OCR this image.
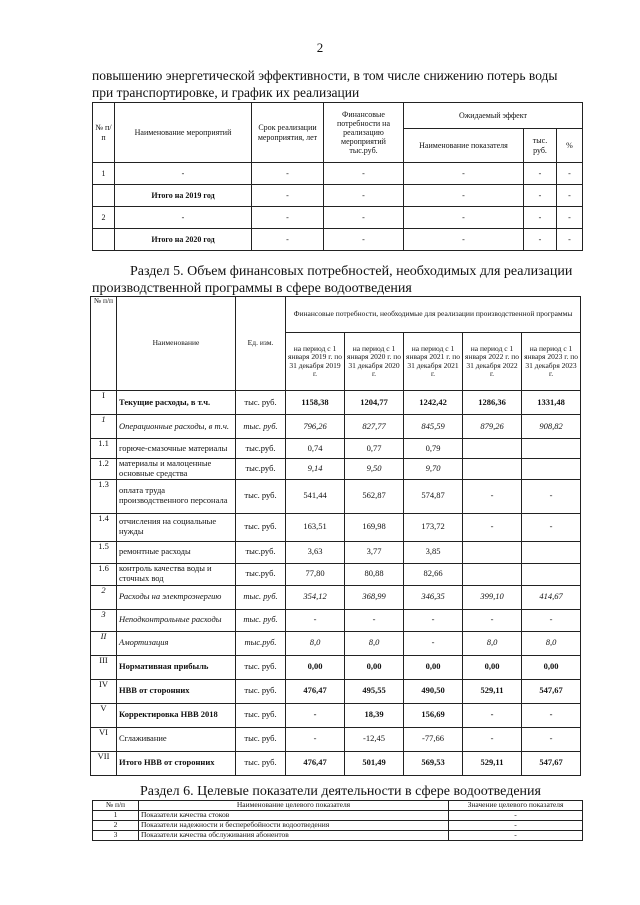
2
повышению энергетической эффективности, в том числе снижению потерь воды
при транспортировке, и график их реализации
№ п/п	Наименование мероприятий	Срок реализации мероприятия, лет	Финансовые потребности на реализацию мероприятий тыс.руб.	Ожидаемый эффект		
				Наименование показателя	тыс. руб.	%
1	-	-	-	-	-	-
	Итого на 2019 год	-	-	-	-	-
2	-	-	-	-	-	-
	Итого на 2020 год	-	-	-	-	-
Раздел 5. Объем финансовых потребностей, необходимых для реализации
производственной программы в сфере водоотведения
№ п/п	Наименование	Ед. изм.	Финансовые потребности, необходимые для реализации производственной программы				
			на период с 1 января 2019 г. по 31 декабря 2019 г.	на период с 1 января 2020 г. по 31 декабря 2020 г.	на период с 1 января 2021 г. по 31 декабря 2021 г.	на период с 1 января 2022 г. по 31 декабря 2022 г.	на период с 1 января 2023 г. по 31 декабря 2023 г.
I	Текущие расходы, в т.ч.	тыс. руб.	1158,38	1204,77	1242,42	1286,36	1331,48
1	Операционные расходы, в т.ч.	тыс. руб.	796,26	827,77	845,59	879,26	908,82
1.1	горюче-смазочные материалы	тыс.руб.	0,74	0,77	0,79		
1.2	материалы и малоценные основные средства	тыс.руб.	9,14	9,50	9,70		
1.3	оплата труда производственного персонала	тыс. руб.	541,44	562,87	574,87	-	-
1.4	отчисления на социальные нужды	тыс. руб.	163,51	169,98	173,72	-	-
1.5	ремонтные расходы	тыс.руб.	3,63	3,77	3,85		
1.6	контроль качества воды и сточных вод	тыс.руб.	77,80	80,88	82,66		
2	Расходы на электроэнергию	тыс. руб.	354,12	368,99	346,35	399,10	414,67
3	Неподконтрольные расходы	тыс. руб.	-	-	-	-	-
II	Амортизация	тыс.руб.	8,0	8,0	-	8,0	8,0
III	Нормативная прибыль	тыс. руб.	0,00	0,00	0,00	0,00	0,00
IV	НВВ от сторонних	тыс. руб.	476,47	495,55	490,50	529,11	547,67
V	Корректировка НВВ 2018	тыс. руб.	-	18,39	156,69	-	-
VI	Сглаживание	тыс. руб.	-	-12,45	-77,66	-	-
VII	Итого НВВ от сторонних	тыс. руб.	476,47	501,49	569,53	529,11	547,67
Раздел 6. Целевые показатели деятельности в сфере водоотведения
№ п/п	Наименование целевого показателя	Значение целевого показателя
1	Показатели качества стоков	-
2	Показатели надежности и бесперебойности водоотведения	-
3	Показатели качества обслуживания абонентов	-
